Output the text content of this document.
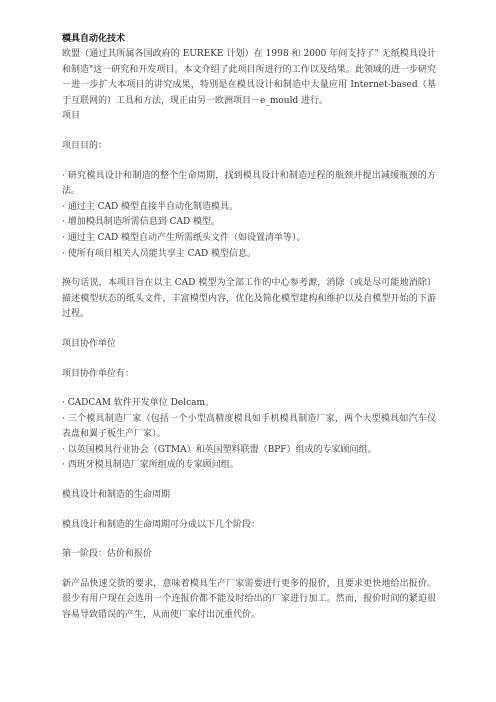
模具自动化技术

欧盟（通过其所属各国政府的 EUREKE 计划）在 1998 和 2000 年间支持了" 无纸模具设计和制造"这一研究和开发项目。本文介绍了此项目所进行的工作以及结果。此领域的进一步研究－进一步扩大本项目的讲究成果，特别是在模具设计和制造中大量应用 Internet-based（基于互联网的）工具和方法，现正由另一欧洲项目－e_mould 进行。

项目

项目目的：

· 研究模具设计和制造的整个生命周期，找到模具设计和制造过程的瓶颈并提出减缓瓶颈的方法。

· 通过主 CAD 模型直接半自动化制造模具。

· 增加模具制造所需信息到 CAD 模型。

· 通过主 CAD 模型自动产生所需纸头文件（如设置清单等）。

· 使所有项目相关人员能共享主 CAD 模型信息。

换句话说，本项目旨在以主 CAD 模型为全部工作的中心参考源，消除（或是尽可能地消除）描述模型状态的纸头文件，丰富模型内容，优化及简化模型建构和维护以及自模型开始的下游过程。

项目协作单位

项目协作单位有：

· CADCAM 软件开发单位 Delcam。

· 三个模具制造厂家（包括一个小型高精度模具如手机模具制造厂家，两个大型模具如汽车仪表盘和翼子板生产厂家）。

· 以英国模具行业协会（GTMA）和英国塑料联盟（BPF）组成的专家顾问组。

· 西班牙模具制造厂家所组成的专家顾问组。

模具设计和制造的生命周期

模具设计和制造的生命周期可分成以下几个阶段：

第一阶段：估价和报价

新产品快速交货的要求，意味着模具生产厂家需要进行更多的报价，且要求更快地给出报价。很少有用户现在会选用一个连报价都不能及时给出的厂家进行加工。然而，报价时间的紧迫很容易导致错误的产生，从而使厂家付出沉重代价。
